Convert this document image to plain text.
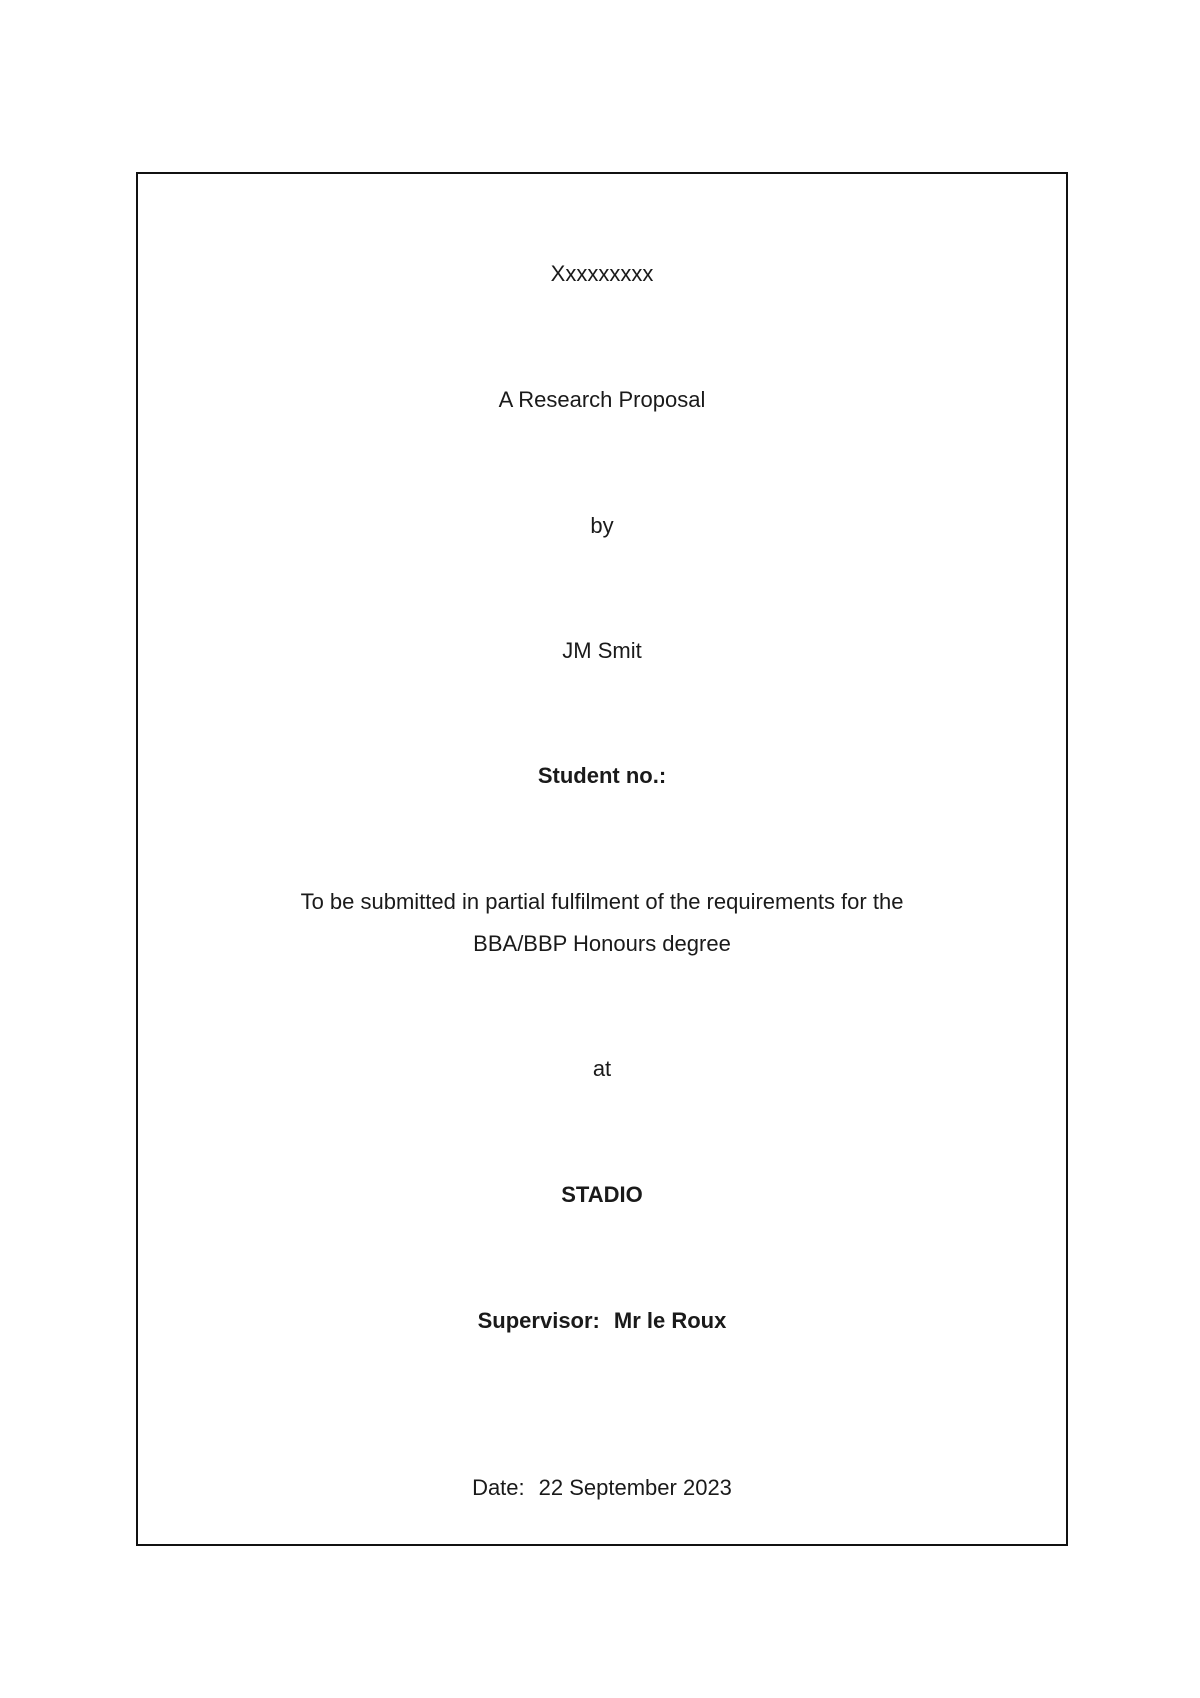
Xxxxxxxxx
A Research Proposal
by
JM Smit
Student no.:
To be submitted in partial fulfilment of the requirements for the
BBA/BBP Honours degree
at
STADIO
Supervisor: Mr le Roux
Date: 22 September 2023
